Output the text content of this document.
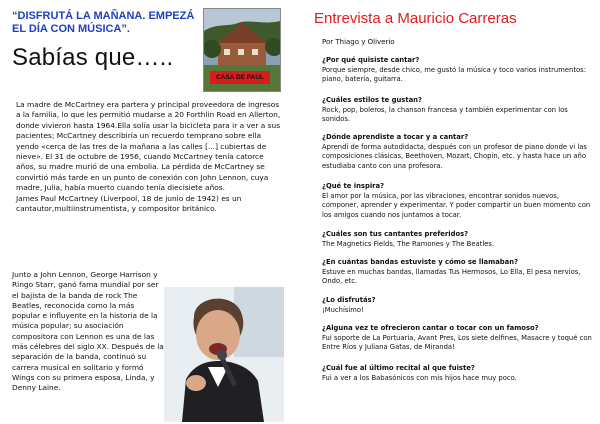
“DISFRUTÁ LA MAÑANA. EMPEZÁ EL DÍA CON MÚSICA”.
Sabías que…..
CASA DE PAUL

La madre de McCartney era partera y principal proveedora de ingresos a la familia, lo que les permitió mudarse a 20 Forthlin Road en Allerton, donde vivieron hasta 1964.Ella solía usar la bicicleta para ir a ver a sus pacientes; McCartney describiría un recuerdo temprano sobre ella yendo «cerca de las tres de la mañana a las calles [...] cubiertas de nieve». El 31 de octubre de 1956, cuando McCartney tenía catorce años, su madre murió de una embolia. La pérdida de McCartney se convirtió más tarde en un punto de conexión con John Lennon, cuya madre, Julia, había muerto cuando tenía diecisiete años.

James Paul McCartney (Liverpool, 18 de junio de 1942) es un cantautor,multiinstrumentista, y compositor británico.

Junto a John Lennon, George Harrison y Ringo Starr, ganó fama mundial por ser el bajista de la banda de rock The Beatles, reconocida como la más popular e influyente en la historia de la música popular; su asociación compositora con Lennon es una de las más célebres del siglo XX. Después de la separación de la banda, continuó su carrera musical en solitario y formó Wings con su primera esposa, Linda, y Denny Laine.
Entrevista a Mauricio Carreras
Por Thiago y Oliverio
¿Por qué quisiste cantar?
Porque siempre, desde chico, me gustó la música y toco varios instrumentos: piano, batería, guitarra.
¿Cuáles estilos te gustan?
Rock, pop, boleros, la chanson francesa y también experimentar con los sonidos.
¿Dónde aprendiste a tocar y a cantar?
Aprendí de forma autodidacta, después con un profesor de piano donde vi las composiciones clásicas, Beethoven, Mozart, Chopin, etc. y hasta hace un año estudiaba canto con una profesora.
¿Qué te inspira?
El amor por la música, por las vibraciones, encontrar sonidos nuevos, componer, aprender y experimentar. Y poder compartir un buen momento con los amigos cuando nos juntamos a tocar.
¿Cuáles son tus cantantes preferidos?
The Magnetics Fields, The Ramones y The Beatles.
¿En cuántas bandas estuviste y cómo se llamaban?
Estuve en muchas bandas, llamadas Tus Hermosos, Lo Ella, El pesa nervios, Ondo, etc.
¿Lo disfrutás?
¡Muchísimo!
¿Alguna vez te ofrecieron cantar o tocar con un famoso?
Fui soporte de La Portuaria, Avant Pres, Los siete delfines, Masacre y toqué con Entre Ríos y Juliana Gatas, de Miranda!
¿Cuál fue al último recital al que fuiste?
Fui a ver a los Babasónicos con mis hijos hace muy poco.
